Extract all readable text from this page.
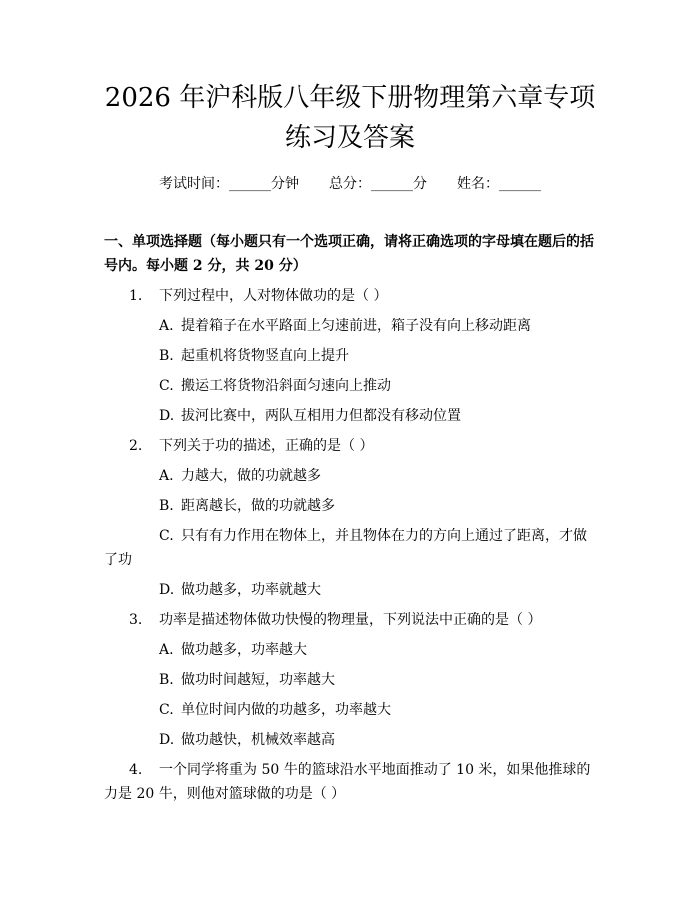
2026 年沪科版八年级下册物理第六章专项练习及答案
考试时间：______分钟 总分：______分 姓名：______
一、单项选择题（每小题只有一个选项正确，请将正确选项的字母填在题后的括号内。每小题 2 分，共 20 分）
1. 下列过程中，人对物体做功的是（ ）
A. 提着箱子在水平路面上匀速前进，箱子没有向上移动距离
B. 起重机将货物竖直向上提升
C. 搬运工将货物沿斜面匀速向上推动
D. 拔河比赛中，两队互相用力但都没有移动位置
2. 下列关于功的描述，正确的是（ ）
A. 力越大，做的功就越多
B. 距离越长，做的功就越多
C. 只有有力作用在物体上，并且物体在力的方向上通过了距离，才做了功
D. 做功越多，功率就越大
3. 功率是描述物体做功快慢的物理量，下列说法中正确的是（ ）
A. 做功越多，功率越大
B. 做功时间越短，功率越大
C. 单位时间内做的功越多，功率越大
D. 做功越快，机械效率越高
4. 一个同学将重为 50 牛的篮球沿水平地面推动了 10 米，如果他推球的力是 20 牛，则他对篮球做的功是（ ）
